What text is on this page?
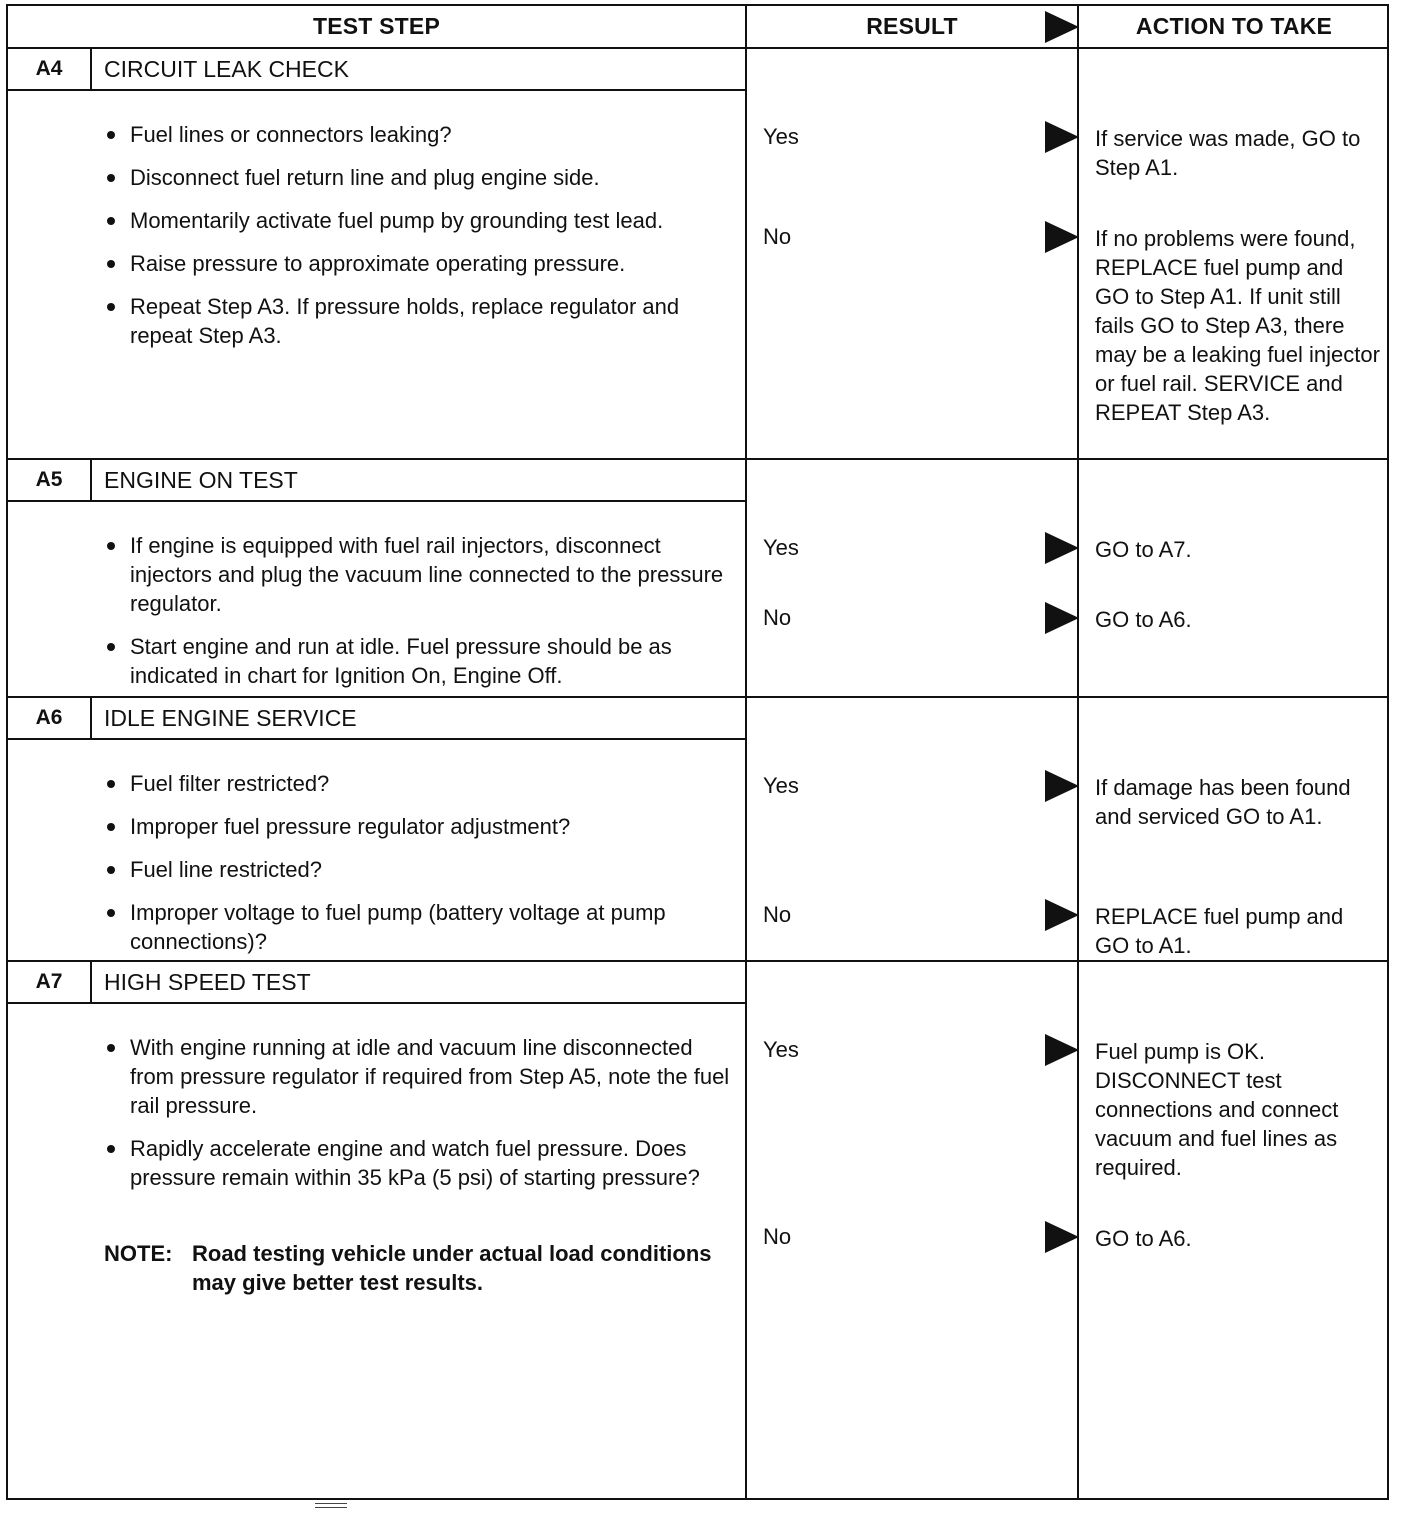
TEST STEP	RESULT	ACTION TO TAKE
A4	CIRCUIT LEAK CHECK
Fuel lines or connectors leaking?
Disconnect fuel return line and plug engine side.
Momentarily activate fuel pump by grounding test lead.
Raise pressure to approximate operating pressure.
Repeat Step A3. If pressure holds, replace regulator and repeat Step A3.
Yes	If service was made, GO to Step A1.
No	If no problems were found, REPLACE fuel pump and GO to Step A1. If unit still fails GO to Step A3, there may be a leaking fuel injector or fuel rail. SERVICE and REPEAT Step A3.
A5	ENGINE ON TEST
If engine is equipped with fuel rail injectors, disconnect injectors and plug the vacuum line connected to the pressure regulator.
Start engine and run at idle. Fuel pressure should be as indicated in chart for Ignition On, Engine Off.
Yes	GO to A7.
No	GO to A6.
A6	IDLE ENGINE SERVICE
Fuel filter restricted?
Improper fuel pressure regulator adjustment?
Fuel line restricted?
Improper voltage to fuel pump (battery voltage at pump connections)?
Yes	If damage has been found and serviced GO to A1.
No	REPLACE fuel pump and GO to A1.
A7	HIGH SPEED TEST
With engine running at idle and vacuum line disconnected from pressure regulator if required from Step A5, note the fuel rail pressure.
Rapidly accelerate engine and watch fuel pressure. Does pressure remain within 35 kPa (5 psi) of starting pressure?
NOTE: Road testing vehicle under actual load conditions may give better test results.
Yes	Fuel pump is OK. DISCONNECT test connections and connect vacuum and fuel lines as required.
No	GO to A6.
